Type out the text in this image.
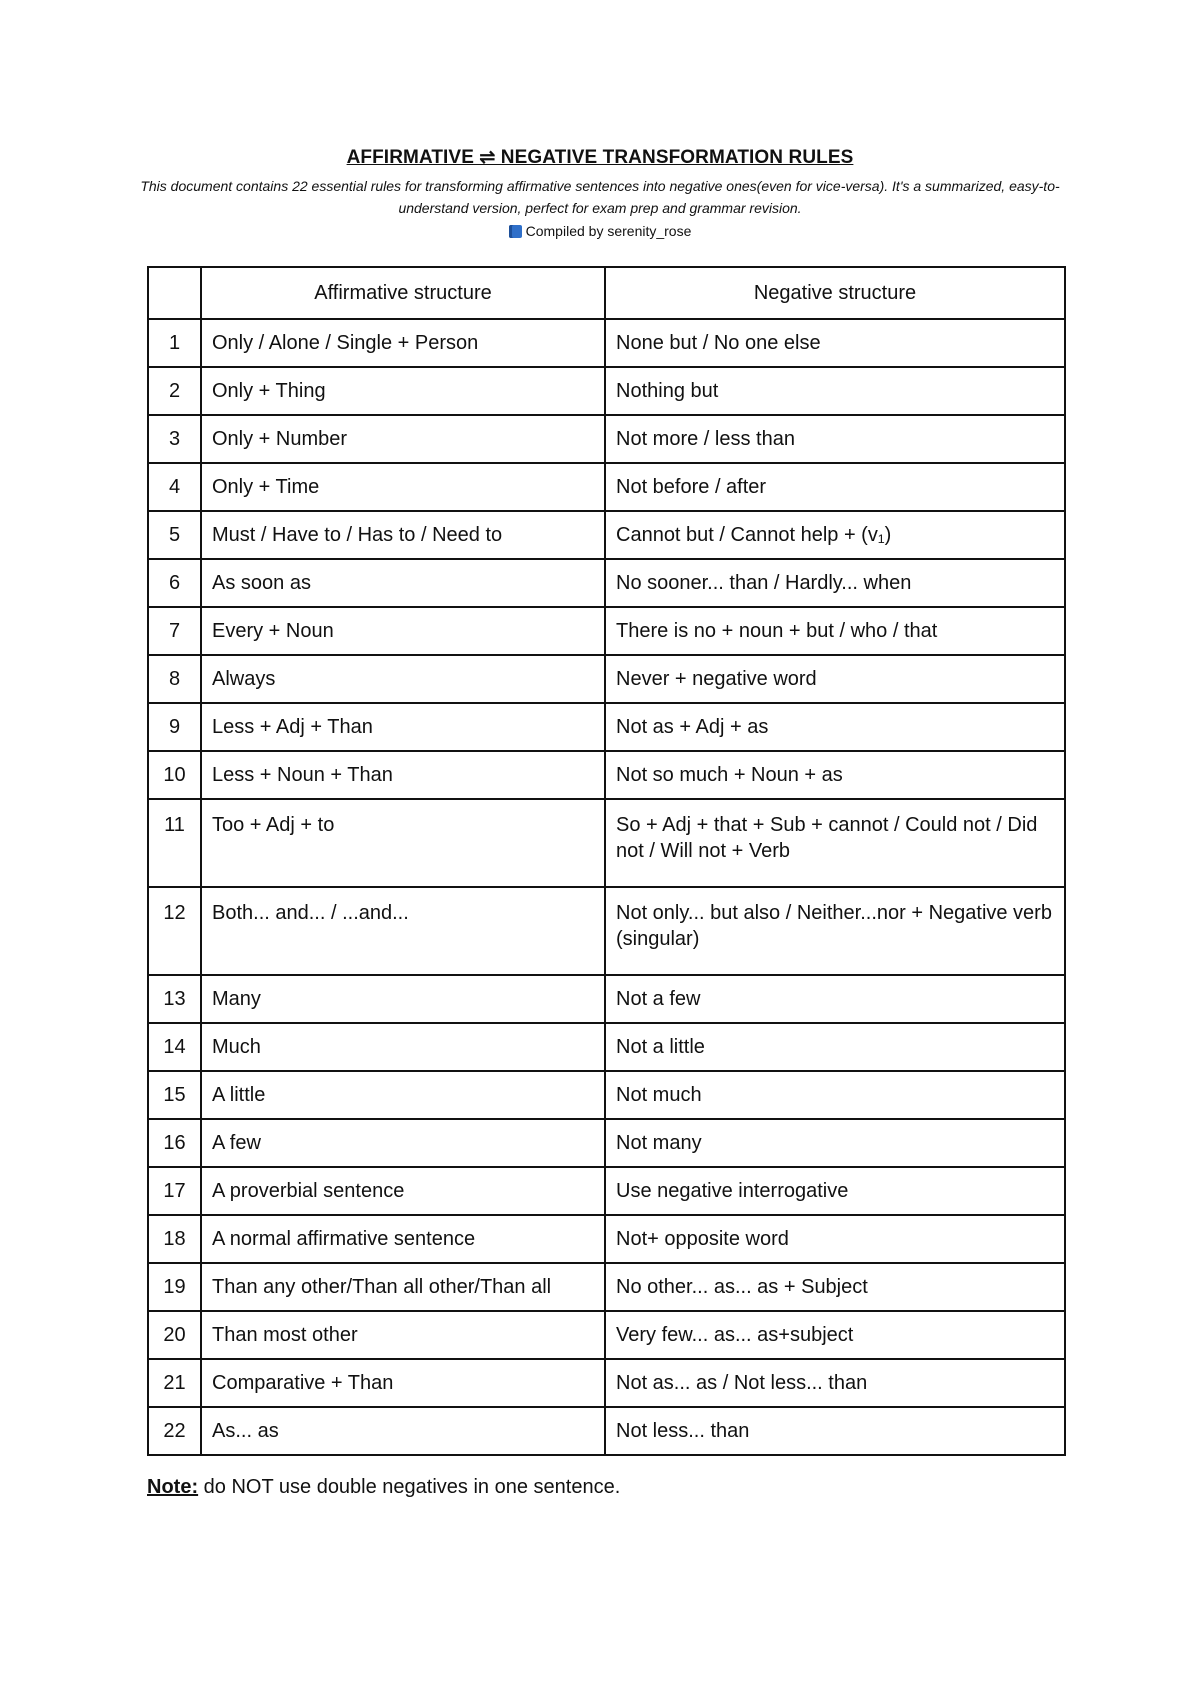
AFFIRMATIVE ⇌ NEGATIVE TRANSFORMATION RULES

This document contains 22 essential rules for transforming affirmative sentences into negative ones(even for vice-versa). It's a summarized, easy-to-understand version, perfect for exam prep and grammar revision.

Compiled by serenity_rose

	Affirmative structure	Negative structure
1	Only / Alone / Single + Person	None but / No one else
2	Only + Thing	Nothing but
3	Only + Number	Not more / less than
4	Only + Time	Not before / after
5	Must / Have to / Has to / Need to	Cannot but / Cannot help + (v₁)
6	As soon as	No sooner... than / Hardly... when
7	Every + Noun	There is no + noun + but / who / that
8	Always	Never + negative word
9	Less + Adj + Than	Not as + Adj + as
10	Less + Noun + Than	Not so much + Noun + as
11	Too + Adj + to	So + Adj + that + Sub + cannot / Could not / Did not / Will not + Verb
12	Both... and... / ...and...	Not only... but also / Neither...nor + Negative verb (singular)
13	Many	Not a few
14	Much	Not a little
15	A little	Not much
16	A few	Not many
17	A proverbial sentence	Use negative interrogative
18	A normal affirmative sentence	Not+ opposite word
19	Than any other/Than all other/Than all	No other... as... as + Subject
20	Than most other	Very few... as... as+subject
21	Comparative + Than	Not as... as / Not less... than
22	As... as	Not less... than

Note: do NOT use double negatives in one sentence.
